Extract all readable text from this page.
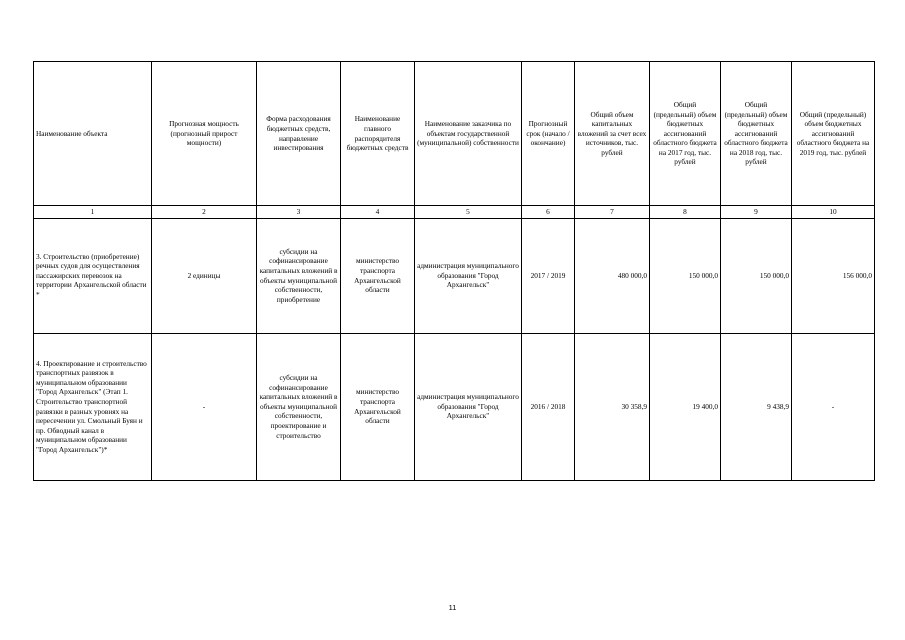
Наименование объекта	Прогнозная мощность (прогнозный прирост мощности)	Форма расходования бюджетных средств, направление инвестирования	Наименование главного распорядителя бюджетных средств	Наименование заказчика по объектам государственной (муниципальной) собственности	Прогнозный срок (начало / окончание)	Общий объем капитальных вложений за счет всех источников, тыс. рублей	Общий (предельный) объем бюджетных ассигнований областного бюджета на 2017 год, тыс. рублей	Общий (предельный) объем бюджетных ассигнований областного бюджета на 2018 год, тыс. рублей	Общий (предельный) объем бюджетных ассигнований областного бюджета на 2019 год, тыс. рублей
1	2	3	4	5	6	7	8	9	10
3. Строительство (приобретение) речных судов для осуществления пассажирских перевозок на территории Архангельской области *	2 единицы	субсидии на софинансирование капитальных вложений в объекты муниципальной собственности, приобретение	министерство транспорта Архангельской области	администрация муниципального образования "Город Архангельск"	2017 / 2019	480 000,0	150 000,0	150 000,0	156 000,0
4. Проектирование и строительство транспортных развязок в муниципальном образовании "Город Архангельск" (Этап 1. Строительство транспортной развязки в разных уровнях на пересечении ул. Смольный Буян и пр. Обводный канал в муниципальном образовании "Город Архангельск")*	-	субсидии на софинансирование капитальных вложений в объекты муниципальной собственности, проектирование и строительство	министерство транспорта Архангельской области	администрация муниципального образования "Город Архангельск"	2016 / 2018	30 358,9	19 400,0	9 438,9	-
11
